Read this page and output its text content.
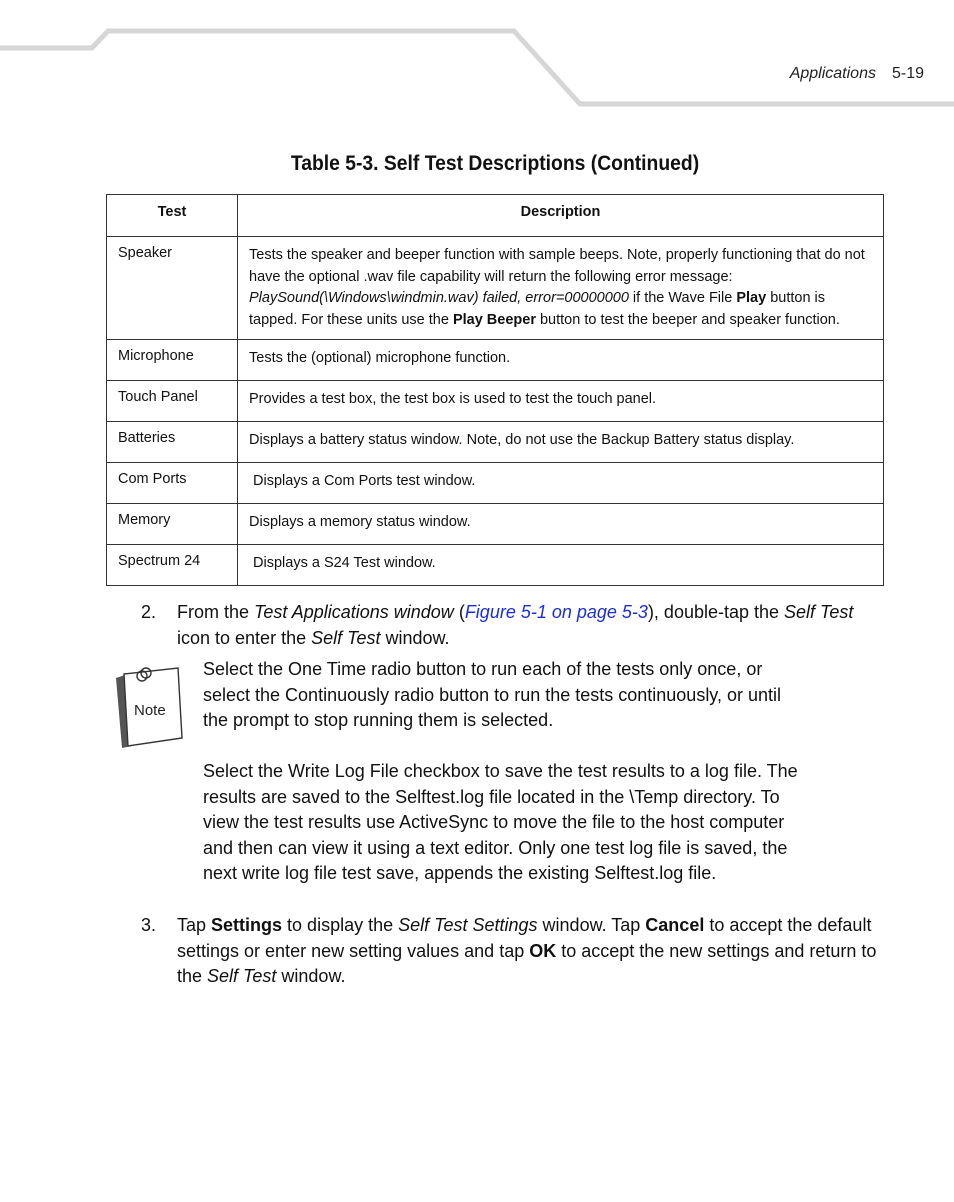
Applications 5-19
Table 5-3. Self Test Descriptions (Continued)
Test	Description
Speaker	Tests the speaker and beeper function with sample beeps. Note, properly functioning that do not have the optional .wav file capability will return the following error message: PlaySound(\Windows\windmin.wav) failed, error=00000000 if the Wave File Play button is tapped. For these units use the Play Beeper button to test the beeper and speaker function.
Microphone	Tests the (optional) microphone function.
Touch Panel	Provides a test box, the test box is used to test the touch panel.
Batteries	Displays a battery status window. Note, do not use the Backup Battery status display.
Com Ports	Displays a Com Ports test window.
Memory	Displays a memory status window.
Spectrum 24	Displays a S24 Test window.
2. From the Test Applications window (Figure 5-1 on page 5-3), double-tap the Self Test icon to enter the Self Test window.
Note

Select the One Time radio button to run each of the tests only once, or select the Continuously radio button to run the tests continuously, or until the prompt to stop running them is selected.

Select the Write Log File checkbox to save the test results to a log file. The results are saved to the Selftest.log file located in the \Temp directory. To view the test results use ActiveSync to move the file to the host computer and then can view it using a text editor. Only one test log file is saved, the next write log file test save, appends the existing Selftest.log file.

3. Tap Settings to display the Self Test Settings window. Tap Cancel to accept the default settings or enter new setting values and tap OK to accept the new settings and return to the Self Test window.
